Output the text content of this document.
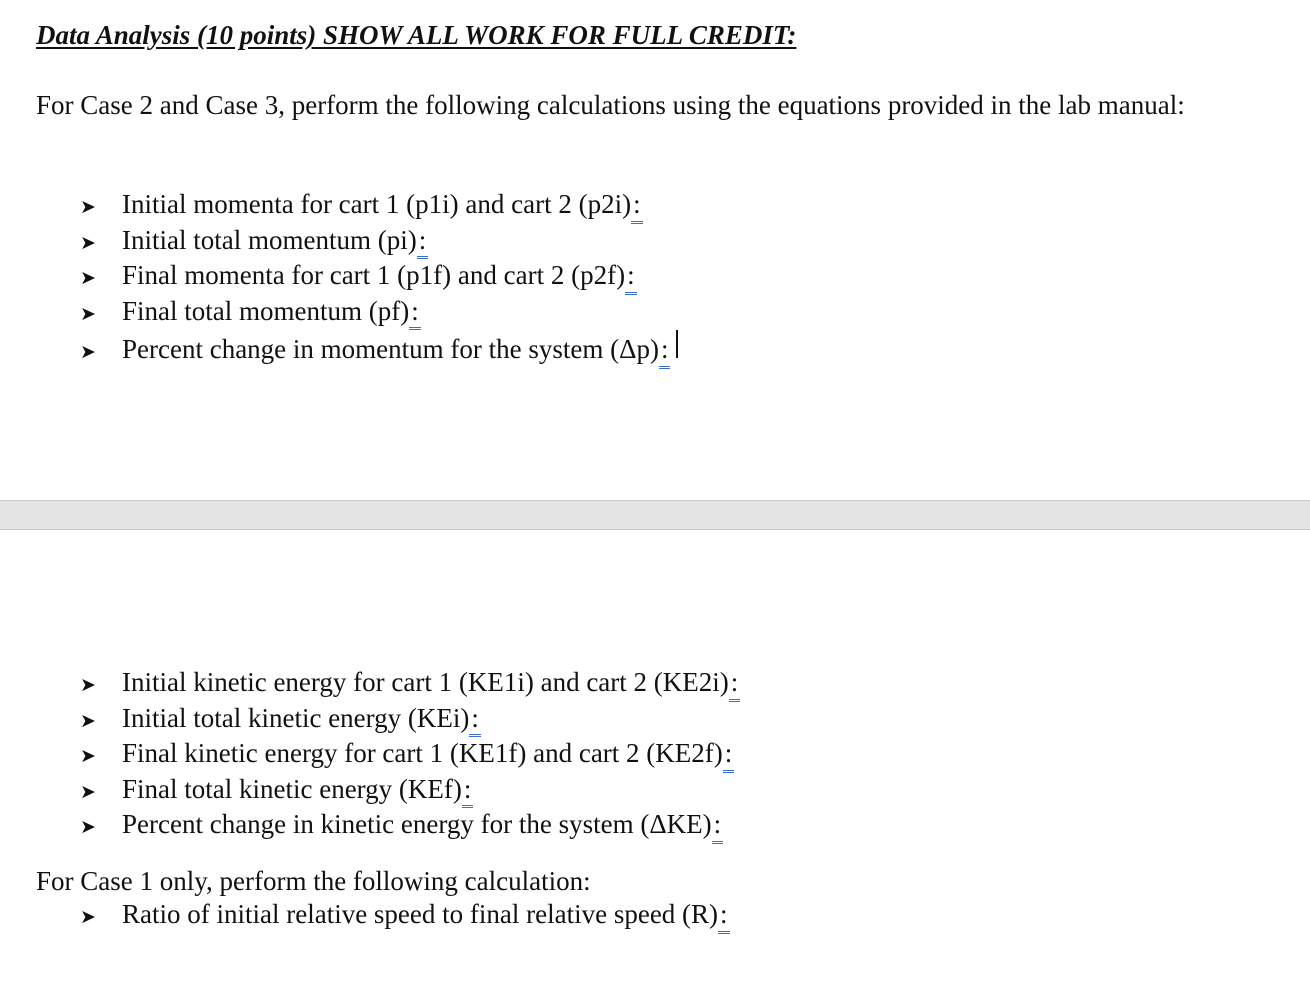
Data Analysis (10 points) SHOW ALL WORK FOR FULL CREDIT:
For Case 2 and Case 3, perform the following calculations using the equations provided in the lab manual:
➤ Initial momenta for cart 1 (p1i) and cart 2 (p2i) :
➤ Initial total momentum (pi) :
➤ Final momenta for cart 1 (p1f) and cart 2 (p2f) :
➤ Final total momentum (pf) :
➤ Percent change in momentum for the system (Δp) :
➤ Initial kinetic energy for cart 1 (KE1i) and cart 2 (KE2i) :
➤ Initial total kinetic energy (KEi) :
➤ Final kinetic energy for cart 1 (KE1f) and cart 2 (KE2f) :
➤ Final total kinetic energy (KEf) :
➤ Percent change in kinetic energy for the system (ΔKE) :
For Case 1 only, perform the following calculation:
➤ Ratio of initial relative speed to final relative speed (R) :
